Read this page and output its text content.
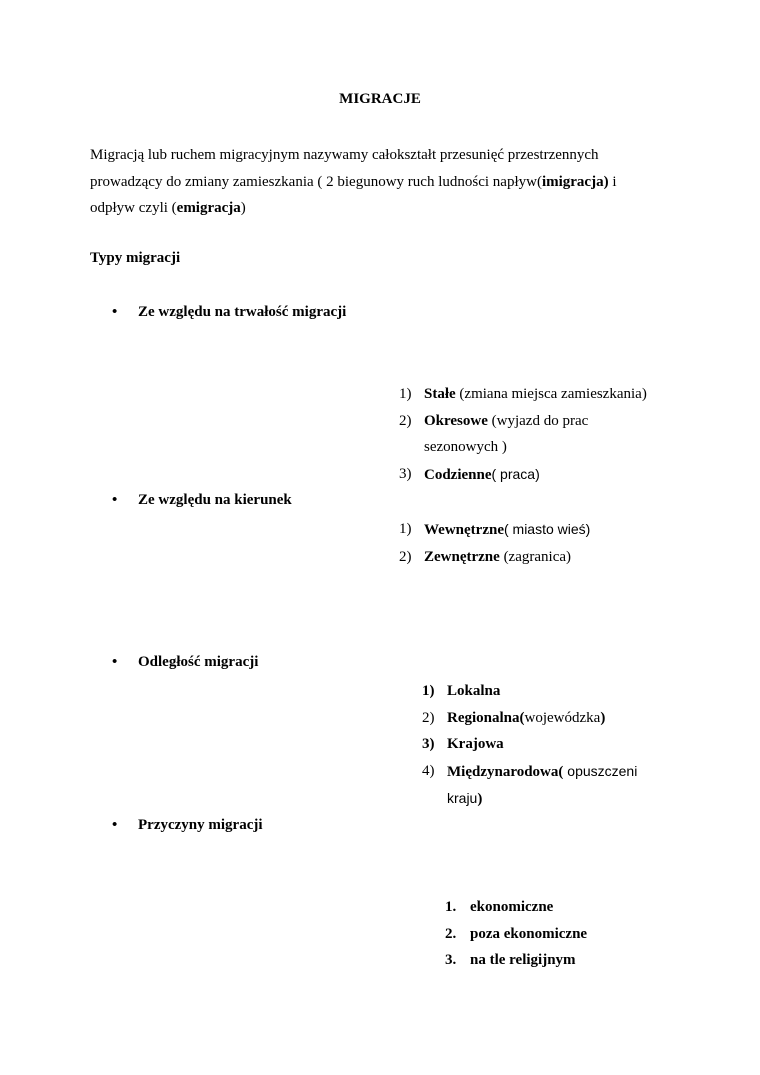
MIGRACJE
Migracją lub ruchem migracyjnym nazywamy całokształt przesunięć przestrzennych prowadzący do zmiany zamieszkania ( 2 biegunowy ruch ludności napływ(imigracja) i odpływ czyli (emigracja)
Typy migracji
• Ze względu na trwałość migracji
1) Stałe (zmiana miejsca zamieszkania)
2) Okresowe (wyjazd do prac
sezonowych )
3) Codzienne( praca)
• Ze względu na kierunek
1) Wewnętrzne( miasto wieś)
2) Zewnętrzne (zagranica)
• Odległość migracji
1) Lokalna
2) Regionalna(wojewódzka)
3) Krajowa
4) Międzynarodowa( opuszczeni
kraju)
• Przyczyny migracji
1. ekonomiczne
2. poza ekonomiczne
3. na tle religijnym
